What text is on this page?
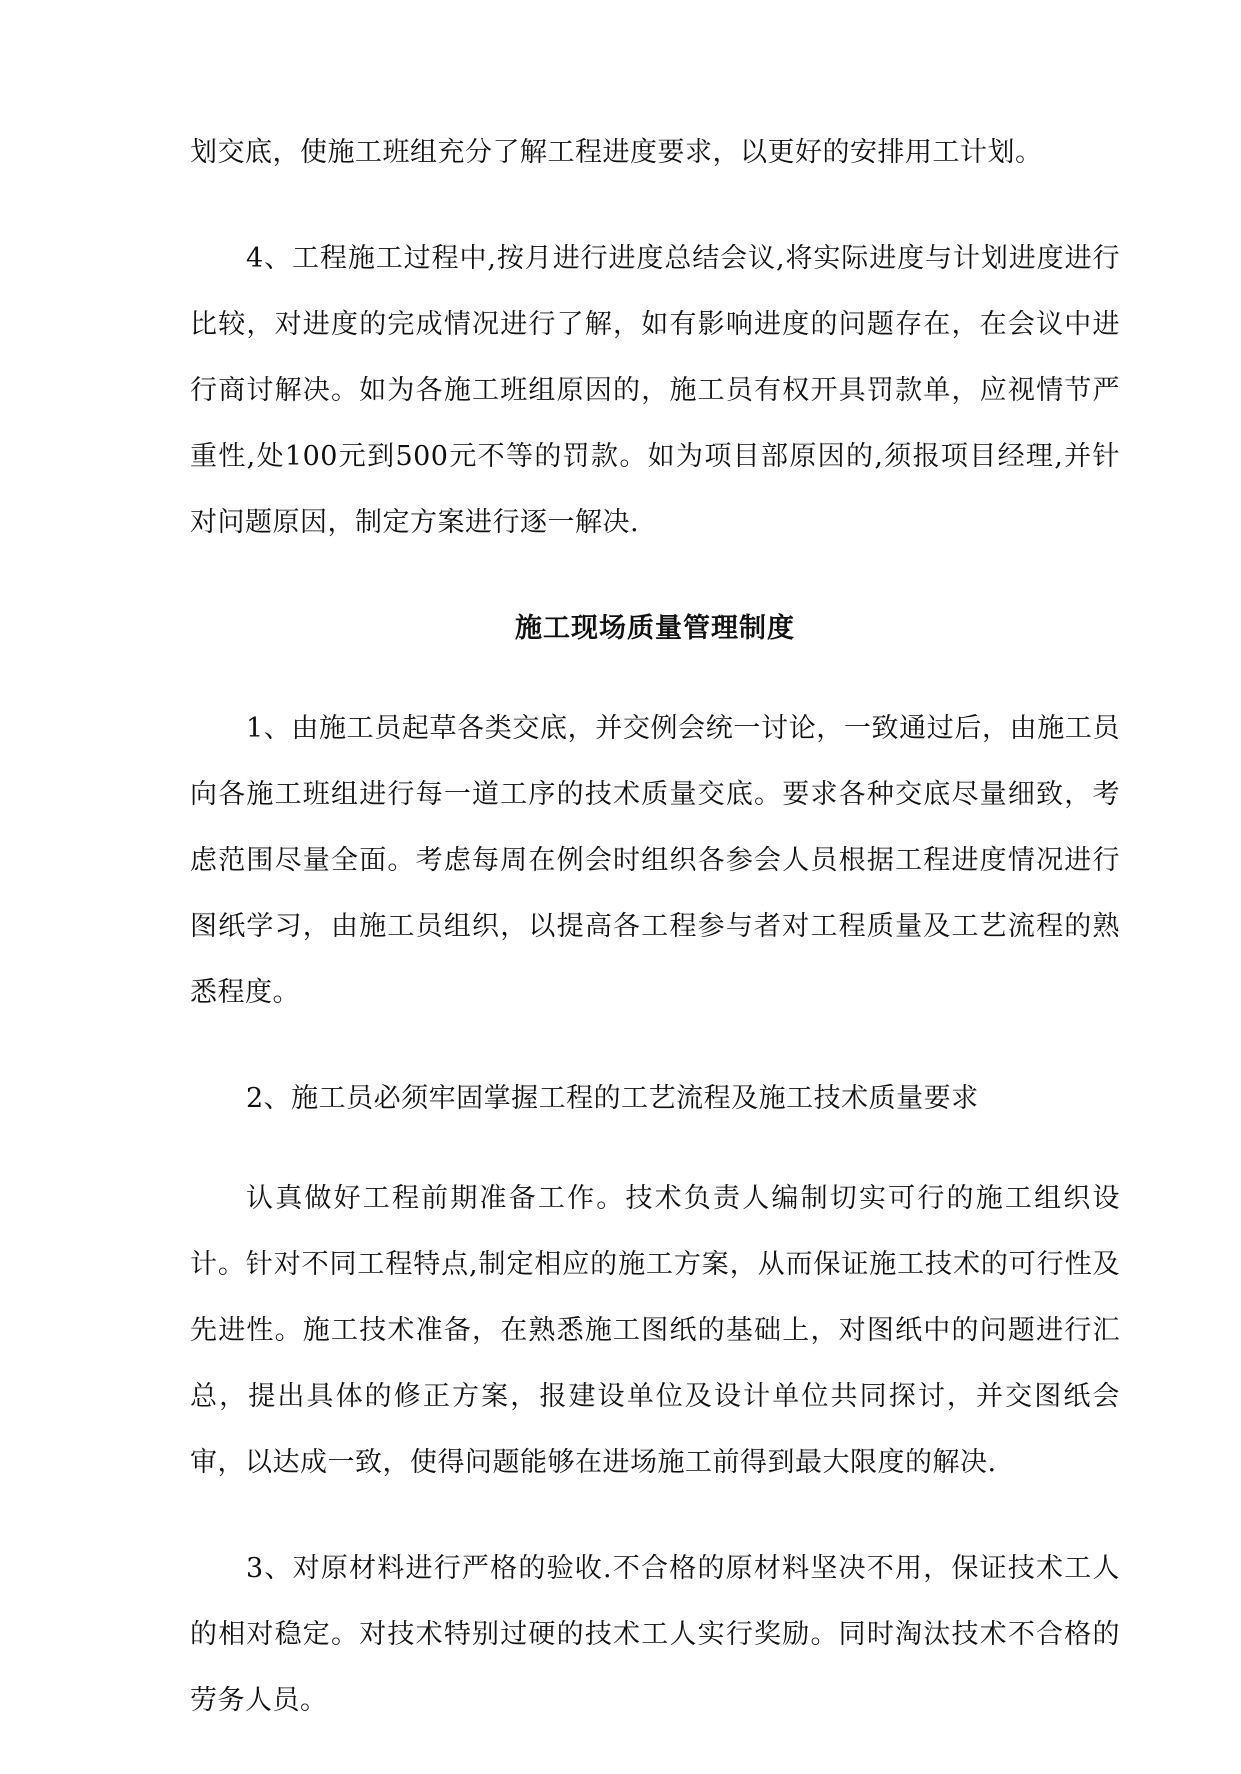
划交底，使施工班组充分了解工程进度要求，以更好的安排用工计划。

4、工程施工过程中,按月进行进度总结会议,将实际进度与计划进度进行比较，对进度的完成情况进行了解，如有影响进度的问题存在，在会议中进行商讨解决。如为各施工班组原因的，施工员有权开具罚款单，应视情节严重性,处100元到500元不等的罚款。如为项目部原因的,须报项目经理,并针对问题原因，制定方案进行逐一解决.

施工现场质量管理制度

1、由施工员起草各类交底，并交例会统一讨论，一致通过后，由施工员向各施工班组进行每一道工序的技术质量交底。要求各种交底尽量细致，考虑范围尽量全面。考虑每周在例会时组织各参会人员根据工程进度情况进行图纸学习，由施工员组织，以提高各工程参与者对工程质量及工艺流程的熟悉程度。

2、施工员必须牢固掌握工程的工艺流程及施工技术质量要求

认真做好工程前期准备工作。技术负责人编制切实可行的施工组织设计。针对不同工程特点,制定相应的施工方案，从而保证施工技术的可行性及先进性。施工技术准备，在熟悉施工图纸的基础上，对图纸中的问题进行汇总，提出具体的修正方案，报建设单位及设计单位共同探讨，并交图纸会审，以达成一致，使得问题能够在进场施工前得到最大限度的解决.

3、对原材料进行严格的验收.不合格的原材料坚决不用，保证技术工人的相对稳定。对技术特别过硬的技术工人实行奖励。同时淘汰技术不合格的劳务人员。
